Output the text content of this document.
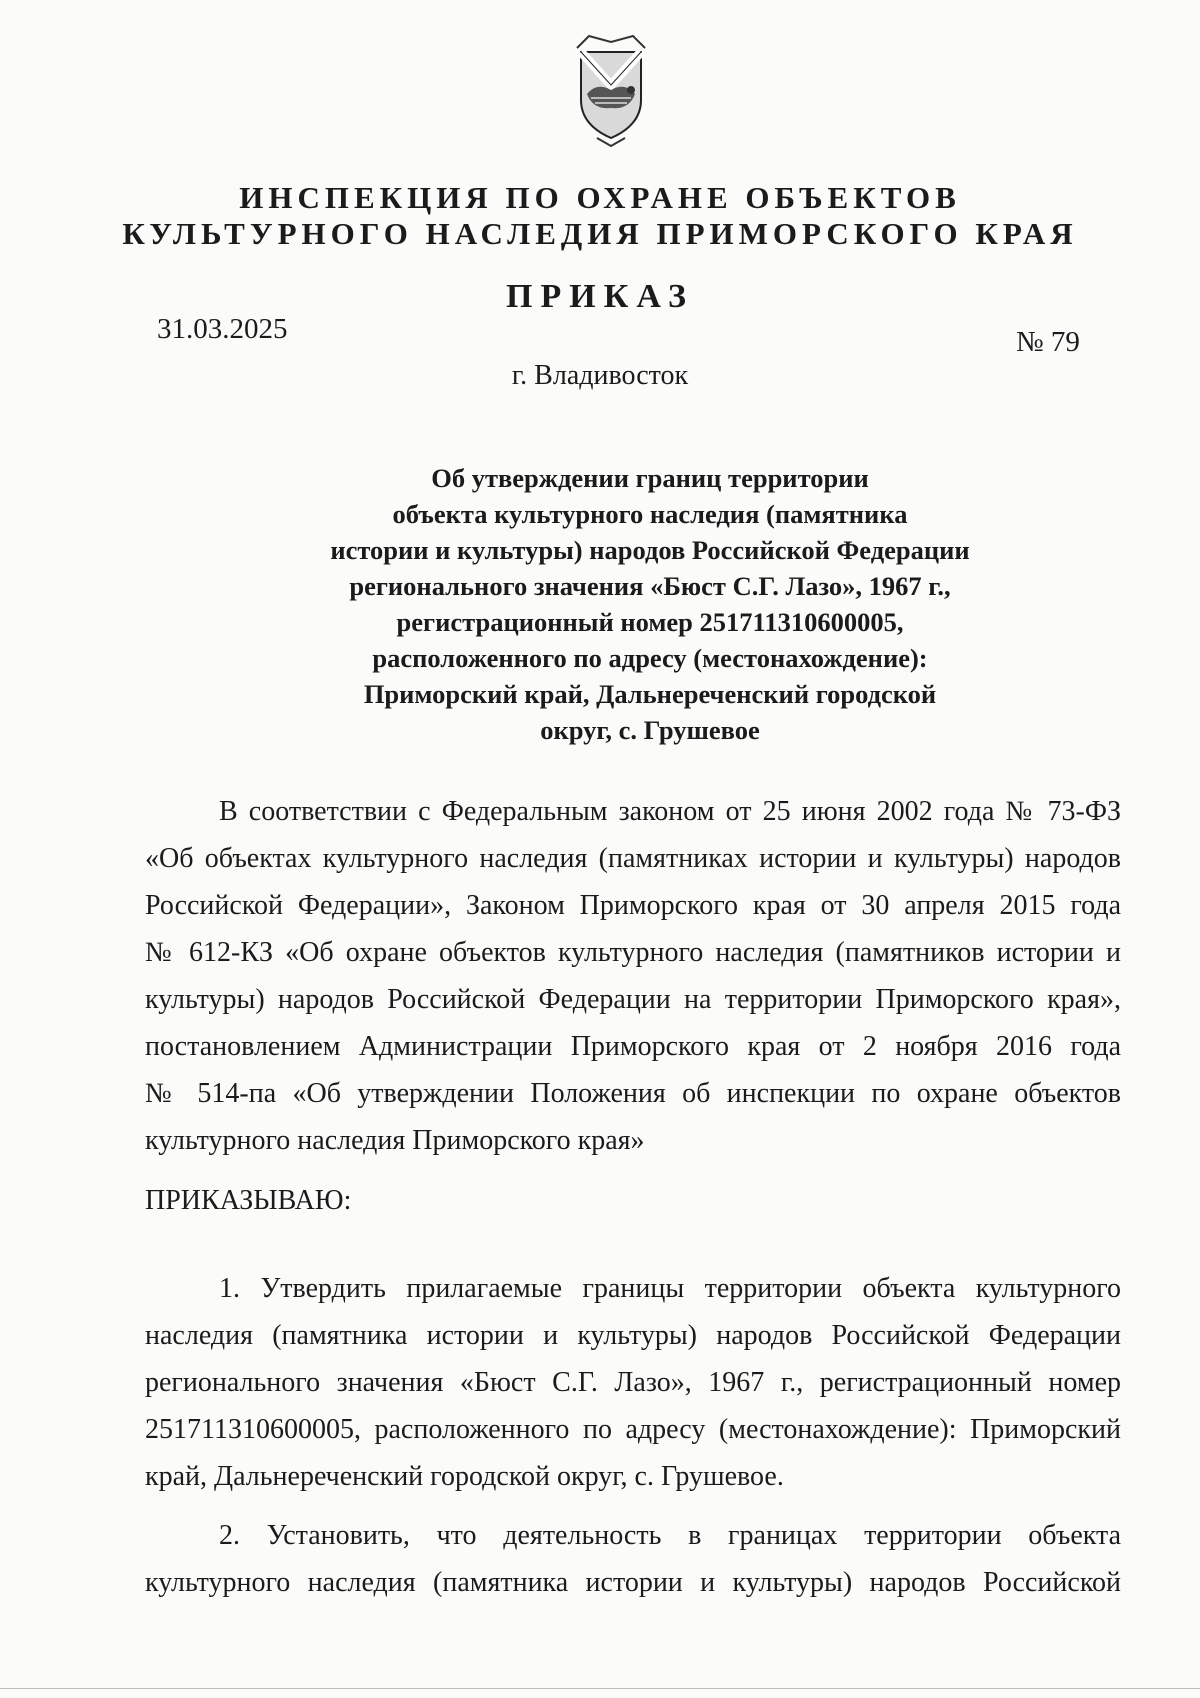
ИНСПЕКЦИЯ ПО ОХРАНЕ ОБЪЕКТОВ
КУЛЬТУРНОГО НАСЛЕДИЯ ПРИМОРСКОГО КРАЯ
ПРИКАЗ
31.03.2025	№ 79
г. Владивосток
Об утверждении границ территории
объекта культурного наследия (памятника
истории и культуры) народов Российской Федерации
регионального значения «Бюст С.Г. Лазо», 1967 г.,
регистрационный номер 251711310600005,
расположенного по адресу (местонахождение):
Приморский край, Дальнереченский городской
округ, с. Грушевое
В соответствии с Федеральным законом от 25 июня 2002 года № 73-ФЗ
«Об объектах культурного наследия (памятниках истории и культуры) народов
Российской Федерации», Законом Приморского края от 30 апреля 2015 года
№ 612-КЗ «Об охране объектов культурного наследия (памятников истории и
культуры) народов Российской Федерации на территории Приморского края»,
постановлением Администрации Приморского края от 2 ноября 2016 года
№ 514-па «Об утверждении Положения об инспекции по охране объектов
культурного наследия Приморского края»
ПРИКАЗЫВАЮ:
1. Утвердить прилагаемые границы территории объекта культурного
наследия (памятника истории и культуры) народов Российской Федерации
регионального значения «Бюст С.Г. Лазо», 1967 г., регистрационный номер
251711310600005, расположенного по адресу (местонахождение): Приморский
край, Дальнереченский городской округ, с. Грушевое.
2. Установить, что деятельность в границах территории объекта
культурного наследия (памятника истории и культуры) народов Российской
